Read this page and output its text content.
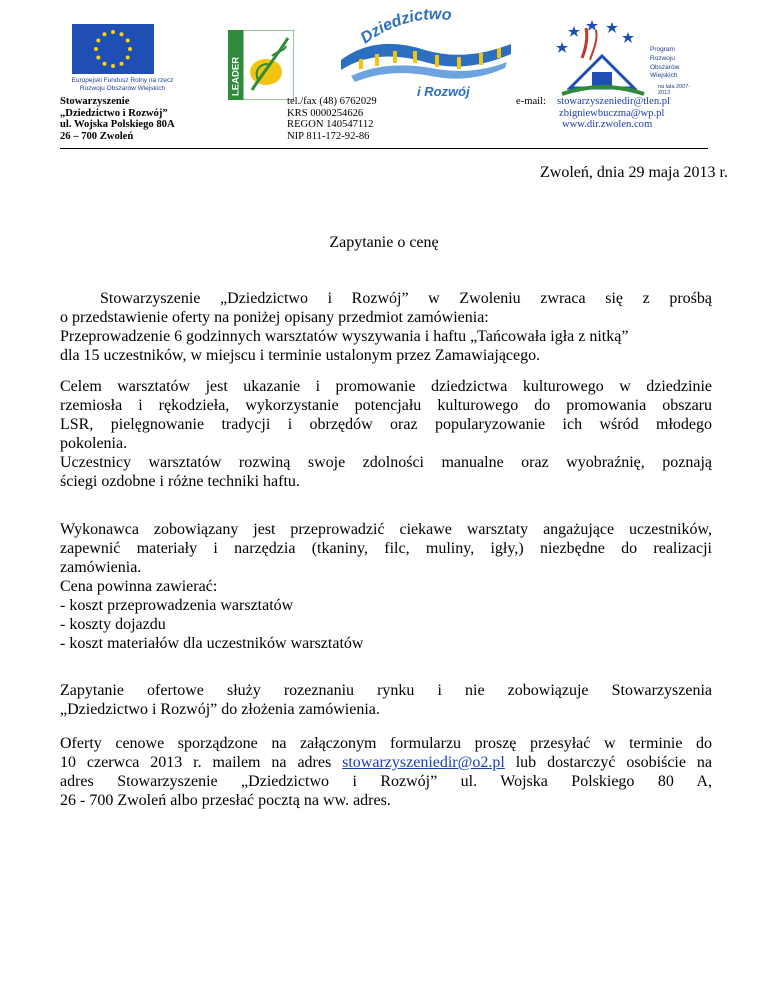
Europejski Fundusz Rolny na rzecz Rozwoju Obszarów Wiejskich	LEADER
Dziedzictwo
i Rozwój
Program
Rozwoju
Obszarów
Wiejskich
na lata 2007-2013
Stowarzyszenie
„Dziedzictwo i Rozwój”
ul. Wojska Polskiego 80A
26 – 700 Zwoleń
tel./fax (48) 6762029
KRS 0000254626
REGON 140547112
NIP 811-172-92-86
e-mail: stowarzyszeniedir@tlen.pl
zbigniewbuczma@wp.pl
www.dir.zwolen.com
Zwoleń, dnia 29 maja 2013 r.
Zapytanie o cenę
Stowarzyszenie „Dziedzictwo i Rozwój” w Zwoleniu zwraca się z prośbą
o przedstawienie oferty na poniżej opisany przedmiot zamówienia:
Przeprowadzenie 6 godzinnych warsztatów wyszywania i haftu „Tańcowała igła z nitką”
dla 15 uczestników, w miejscu i terminie ustalonym przez Zamawiającego.
Celem warsztatów jest ukazanie i promowanie dziedzictwa kulturowego w dziedzinie
rzemiosła i rękodzieła, wykorzystanie potencjału kulturowego do promowania obszaru
LSR, pielęgnowanie tradycji i obrzędów oraz popularyzowanie ich wśród młodego
pokolenia.
Uczestnicy warsztatów rozwiną swoje zdolności manualne oraz wyobraźnię, poznają
ściegi ozdobne i różne techniki haftu.
Wykonawca zobowiązany jest przeprowadzić ciekawe warsztaty angażujące uczestników,
zapewnić materiały i narzędzia (tkaniny, filc, muliny, igły,) niezbędne do realizacji
zamówienia.
Cena powinna zawierać:
- koszt przeprowadzenia warsztatów
- koszty dojazdu
- koszt materiałów dla uczestników warsztatów
Zapytanie ofertowe służy rozeznaniu rynku i nie zobowiązuje Stowarzyszenia
„Dziedzictwo i Rozwój” do złożenia zamówienia.
Oferty cenowe sporządzone na załączonym formularzu proszę przesyłać w terminie do
10 czerwca 2013 r. mailem na adres stowarzyszeniedir@o2.pl lub dostarczyć osobiście na
adres Stowarzyszenie „Dziedzictwo i Rozwój” ul. Wojska Polskiego 80 A,
26 - 700 Zwoleń albo przesłać pocztą na ww. adres.
